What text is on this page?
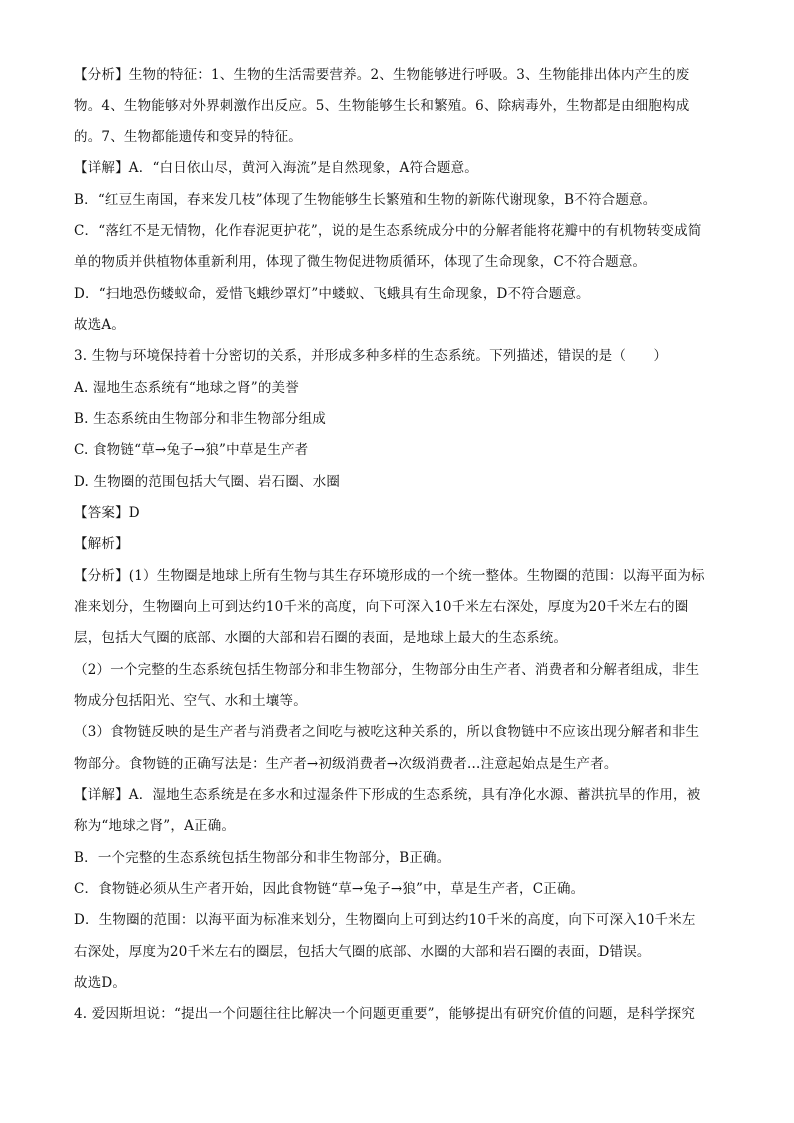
【分析】生物的特征：1、生物的生活需要营养。2、生物能够进行呼吸。3、生物能排出体内产生的废
物。4、生物能够对外界刺激作出反应。5、生物能够生长和繁殖。6、除病毒外，生物都是由细胞构成
的。7、生物都能遗传和变异的特征。
【详解】A．“白日依山尽，黄河入海流”是自然现象，A符合题意。
B．“红豆生南国，春来发几枝”体现了生物能够生长繁殖和生物的新陈代谢现象，B不符合题意。
C．“落红不是无情物，化作春泥更护花”，说的是生态系统成分中的分解者能将花瓣中的有机物转变成简
单的物质并供植物体重新利用，体现了微生物促进物质循环，体现了生命现象，C不符合题意。
D．“扫地恐伤蝼蚁命，爱惜飞蛾纱罩灯”中蝼蚁、飞蛾具有生命现象，D不符合题意。
故选A。
3. 生物与环境保持着十分密切的关系，并形成多种多样的生态系统。下列描述，错误的是（　　）
A. 湿地生态系统有“地球之肾”的美誉
B. 生态系统由生物部分和非生物部分组成
C. 食物链“草→兔子→狼”中草是生产者
D. 生物圈的范围包括大气圈、岩石圈、水圈
【答案】D
【解析】
【分析】(1）生物圈是地球上所有生物与其生存环境形成的一个统一整体。生物圈的范围：以海平面为标
准来划分，生物圈向上可到达约10千米的高度，向下可深入10千米左右深处，厚度为20千米左右的圈
层，包括大气圈的底部、水圈的大部和岩石圈的表面，是地球上最大的生态系统。
（2）一个完整的生态系统包括生物部分和非生物部分，生物部分由生产者、消费者和分解者组成，非生
物成分包括阳光、空气、水和土壤等。
（3）食物链反映的是生产者与消费者之间吃与被吃这种关系的，所以食物链中不应该出现分解者和非生
物部分。食物链的正确写法是：生产者→初级消费者→次级消费者…注意起始点是生产者。
【详解】A．湿地生态系统是在多水和过湿条件下形成的生态系统，具有净化水源、蓄洪抗旱的作用，被
称为“地球之肾”，A正确。
B．一个完整的生态系统包括生物部分和非生物部分，B正确。
C．食物链必须从生产者开始，因此食物链“草→兔子→狼”中，草是生产者，C正确。
D．生物圈的范围：以海平面为标准来划分，生物圈向上可到达约10千米的高度，向下可深入10千米左
右深处，厚度为20千米左右的圈层，包括大气圈的底部、水圈的大部和岩石圈的表面，D错误。
故选D。
4. 爱因斯坦说：“提出一个问题往往比解决一个问题更重要”，能够提出有研究价值的问题，是科学探究
